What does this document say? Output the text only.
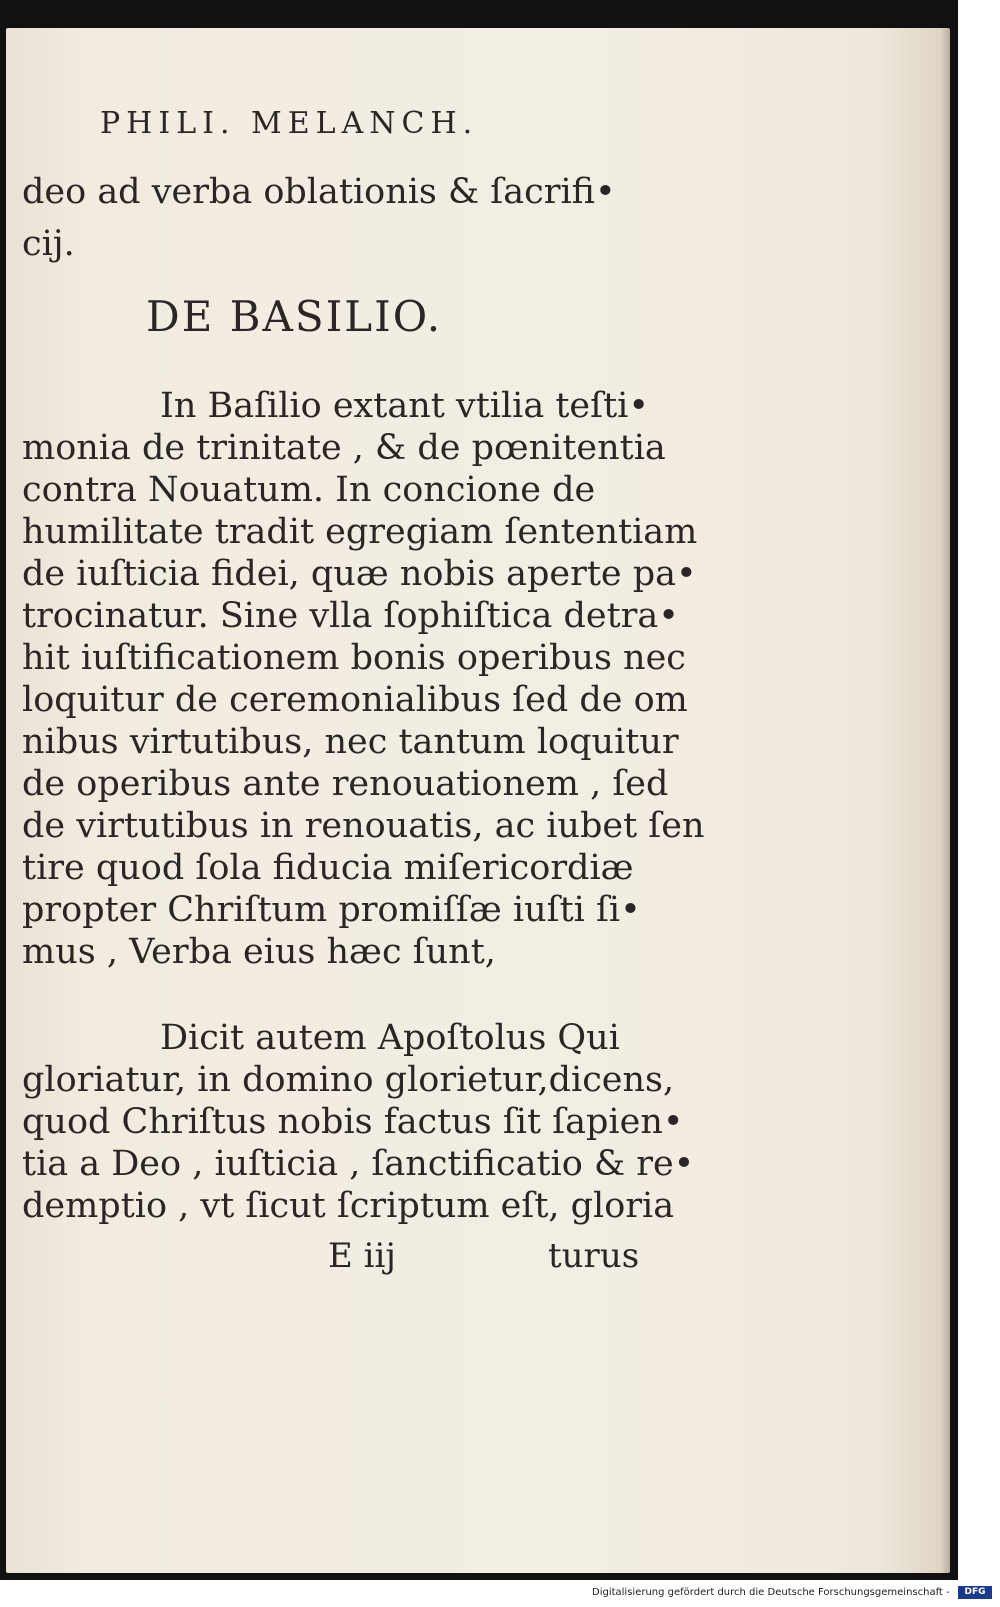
PHILI. MELANCH.
deo ad verba oblationis & ſacrifi•
cij.
DE BASILIO.
In Baſilio extant vtilia teſti•
monia de trinitate , & de pœnitentia
contra Nouatum. In concione de
humilitate tradit egregiam ſententiam
de iuſticia fidei, quæ nobis aperte pa•
trocinatur. Sine vlla ſophiſtica detra•
hit iuſtificationem bonis operibus nec
loquitur de ceremonialibus ſed de om
nibus virtutibus, nec tantum loquitur
de operibus ante renouationem , ſed
de virtutibus in renouatis, ac iubet ſen
tire quod ſola fiducia miſericordiæ
propter Chriſtum promiſſæ iuſti ſi•
mus , Verba eius hæc ſunt,
Dicit autem Apoſtolus Qui
gloriatur, in domino glorietur,dicens,
quod Chriſtus nobis factus ſit ſapien•
tia a Deo , iuſticia , ſanctificatio & re•
demptio , vt ſicut ſcriptum eſt, gloria
E iij	turus
Digitalisierung gefördert durch die Deutsche Forschungsgemeinschaft -	DFG
